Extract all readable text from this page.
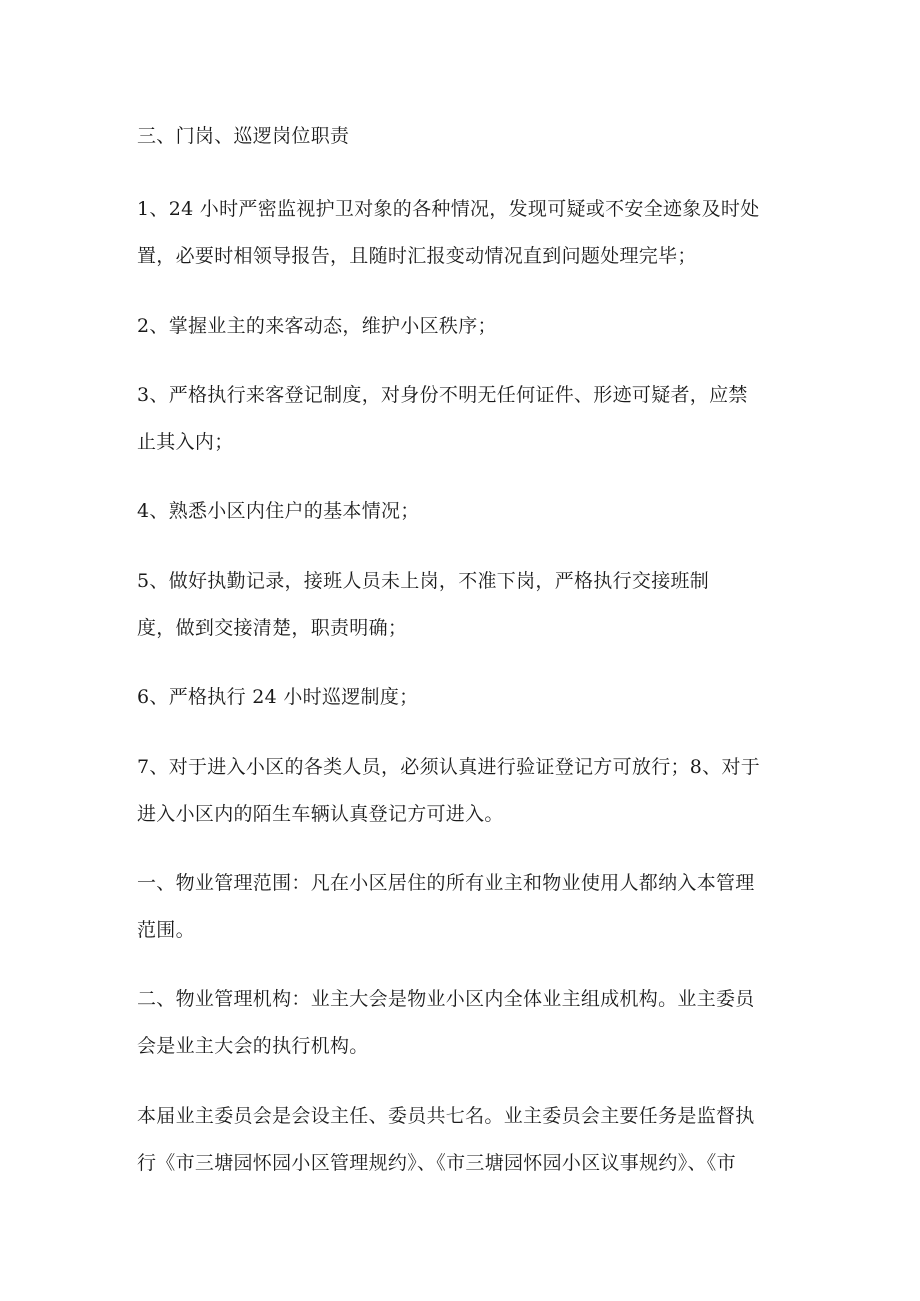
三、门岗、巡逻岗位职责
1、24 小时严密监视护卫对象的各种情况，发现可疑或不安全迹象及时处
置，必要时相领导报告，且随时汇报变动情况直到问题处理完毕；
2、掌握业主的来客动态，维护小区秩序；
3、严格执行来客登记制度，对身份不明无任何证件、形迹可疑者，应禁
止其入内；
4、熟悉小区内住户的基本情况；
5、做好执勤记录，接班人员未上岗，不准下岗，严格执行交接班制
度，做到交接清楚，职责明确；
6、严格执行 24 小时巡逻制度；
7、对于进入小区的各类人员，必须认真进行验证登记方可放行；8、对于
进入小区内的陌生车辆认真登记方可进入。
一、物业管理范围：凡在小区居住的所有业主和物业使用人都纳入本管理
范围。
二、物业管理机构：业主大会是物业小区内全体业主组成机构。业主委员
会是业主大会的执行机构。
本届业主委员会是会设主任、委员共七名。业主委员会主要任务是监督执
行《市三塘园怀园小区管理规约》、《市三塘园怀园小区议事规约》、《市
